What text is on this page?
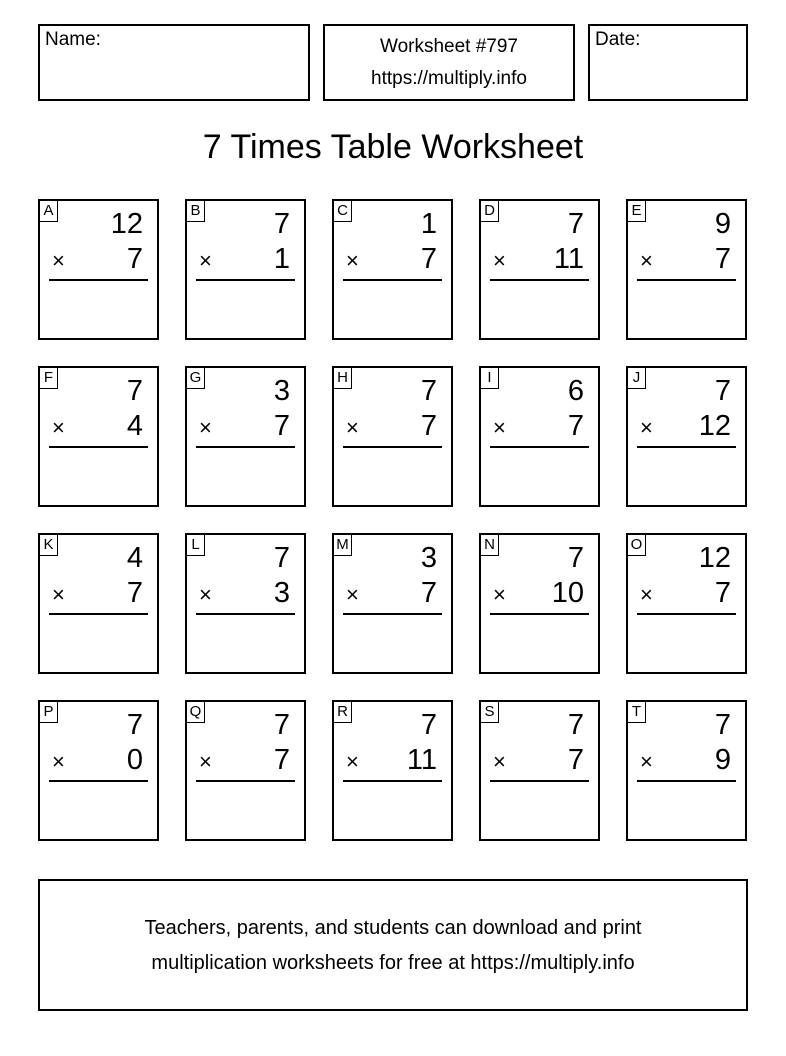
Name:	Worksheet #797
https://multiply.info
Date:
7 Times Table Worksheet
A 12
× 7
B	7
× 1
C	1
× 7
D	7
× 11
E	9
× 7
F	7
× 4
G	3
× 7
H	7
× 7
I	6
× 7
J	7
× 12
K	4
× 7
L	7
× 3
M 3
× 7
N	7
× 10
O 12
× 7
P	7
× 0
Q	7
× 7
R	7
× 11
S	7
× 7
T	7
× 9
Teachers, parents, and students can download and print
multiplication worksheets for free at https://multiply.info
